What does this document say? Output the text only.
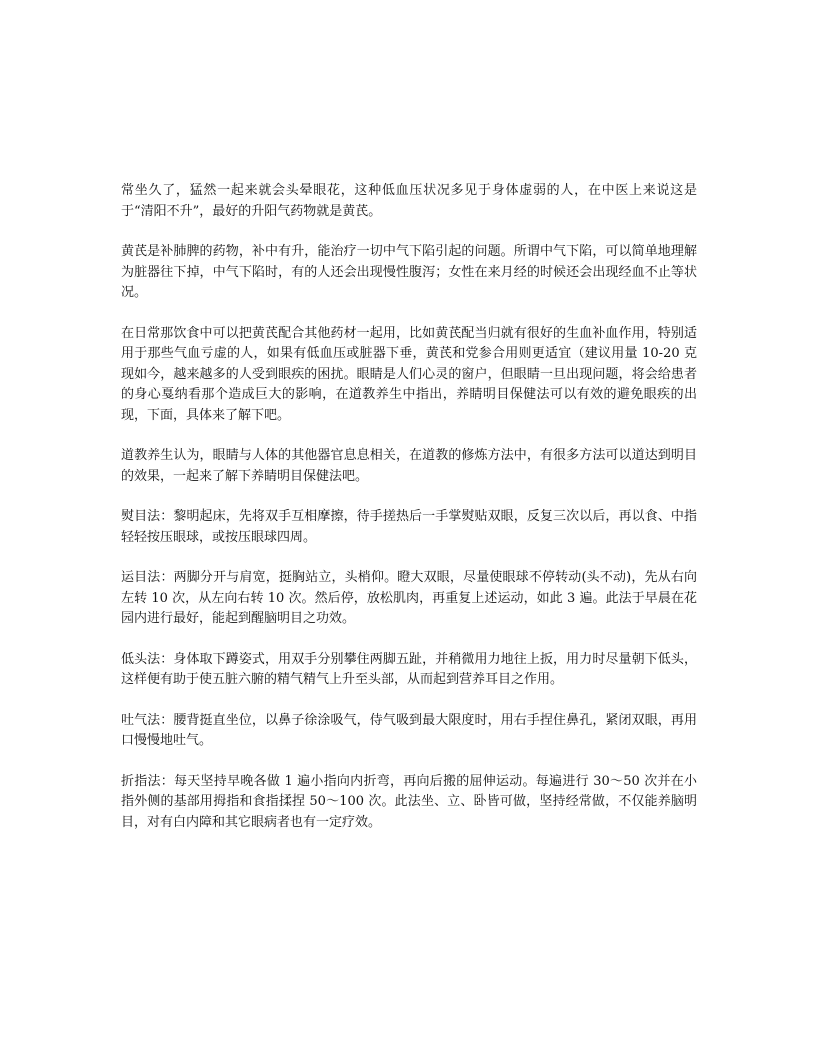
常坐久了，猛然一起来就会头晕眼花，这种低血压状况多见于身体虚弱的人，在中医上来说这是于“清阳不升”，最好的升阳气药物就是黄芪。

黄芪是补肺脾的药物，补中有升，能治疗一切中气下陷引起的问题。所谓中气下陷，可以简单地理解为脏器往下掉，中气下陷时，有的人还会出现慢性腹泻；女性在来月经的时候还会出现经血不止等状况。

在日常那饮食中可以把黄芪配合其他药材一起用，比如黄芪配当归就有很好的生血补血作用，特别适用于那些气血亏虚的人，如果有低血压或脏器下垂，黄芪和党参合用则更适宜（建议用量 10-20 克现如今，越来越多的人受到眼疾的困扰。眼睛是人们心灵的窗户，但眼睛一旦出现问题，将会给患者的身心戛纳看那个造成巨大的影响，在道教养生中指出，养睛明目保健法可以有效的避免眼疾的出现，下面，具体来了解下吧。

道教养生认为，眼睛与人体的其他器官息息相关，在道教的修炼方法中，有很多方法可以道达到明目的效果，一起来了解下养睛明目保健法吧。

熨目法：黎明起床，先将双手互相摩擦，待手搓热后一手掌熨贴双眼，反复三次以后，再以食、中指轻轻按压眼球，或按压眼球四周。

运目法：两脚分开与肩宽，挺胸站立，头梢仰。瞪大双眼，尽量使眼球不停转动(头不动)，先从右向左转 10 次，从左向右转 10 次。然后停，放松肌肉，再重复上述运动，如此 3 遍。此法于早晨在花园内进行最好，能起到醒脑明目之功效。

低头法：身体取下蹲姿式，用双手分别攀住两脚五趾，并稍微用力地往上扳，用力时尽量朝下低头，这样便有助于使五脏六腑的精气精气上升至头部，从而起到营养耳目之作用。

吐气法：腰背挺直坐位，以鼻子徐涂吸气，侍气吸到最大限度时，用右手捏住鼻孔，紧闭双眼，再用口慢慢地吐气。

折指法：每天坚持早晚各做 1 遍小指向内折弯，再向后搬的屈伸运动。每遍进行 30～50 次并在小指外侧的基部用拇指和食指揉捏 50～100 次。此法坐、立、卧皆可做，坚持经常做，不仅能养脑明目，对有白内障和其它眼病者也有一定疗效。
